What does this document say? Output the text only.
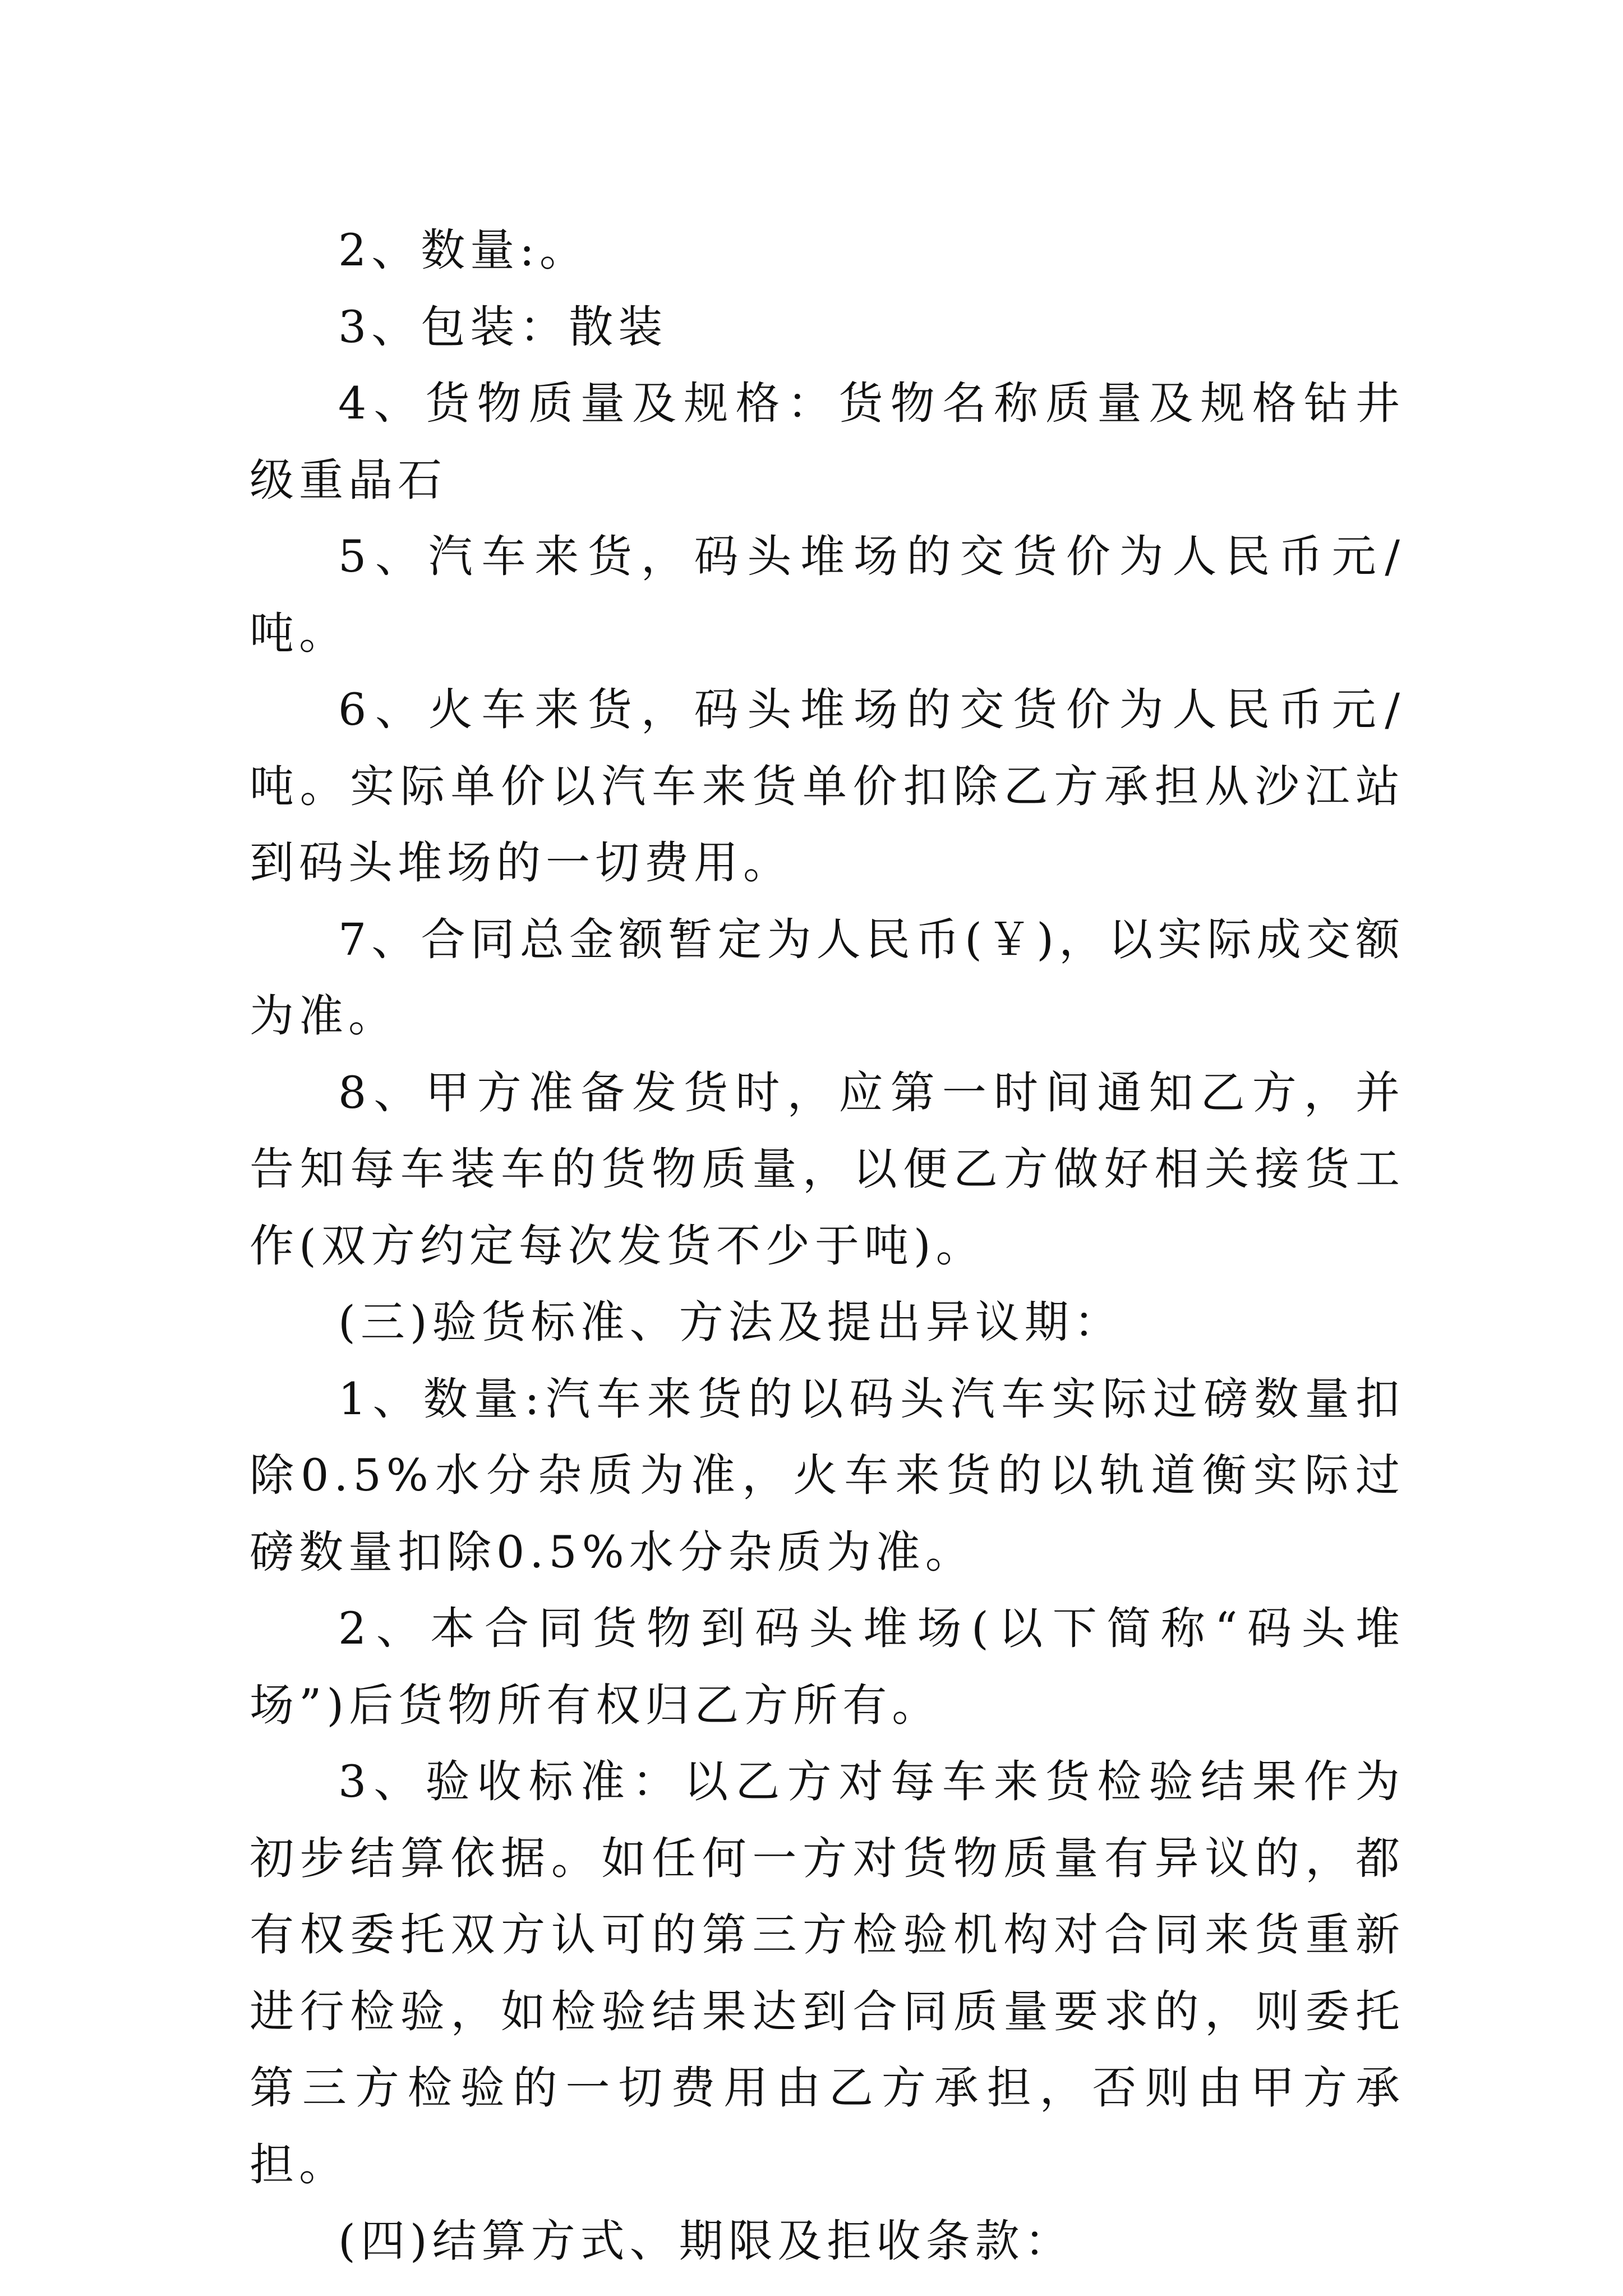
2、数量:。

3、包装：散装

4、货物质量及规格：货物名称质量及规格钻井级重晶石

5、汽车来货，码头堆场的交货价为人民币元/吨。

6、火车来货，码头堆场的交货价为人民币元/吨。实际单价以汽车来货单价扣除乙方承担从沙江站到码头堆场的一切费用。

7、合同总金额暂定为人民币(￥)，以实际成交额为准。

8、甲方准备发货时，应第一时间通知乙方，并告知每车装车的货物质量，以便乙方做好相关接货工作(双方约定每次发货不少于吨)。

(三)验货标准、方法及提出异议期：

1、数量:汽车来货的以码头汽车实际过磅数量扣除0.5%水分杂质为准，火车来货的以轨道衡实际过磅数量扣除0.5%水分杂质为准。

2、本合同货物到码头堆场(以下简称“码头堆场”)后货物所有权归乙方所有。

3、验收标准：以乙方对每车来货检验结果作为初步结算依据。如任何一方对货物质量有异议的，都有权委托双方认可的第三方检验机构对合同来货重新进行检验，如检验结果达到合同质量要求的，则委托第三方检验的一切费用由乙方承担，否则由甲方承担。

(四)结算方式、期限及拒收条款：
